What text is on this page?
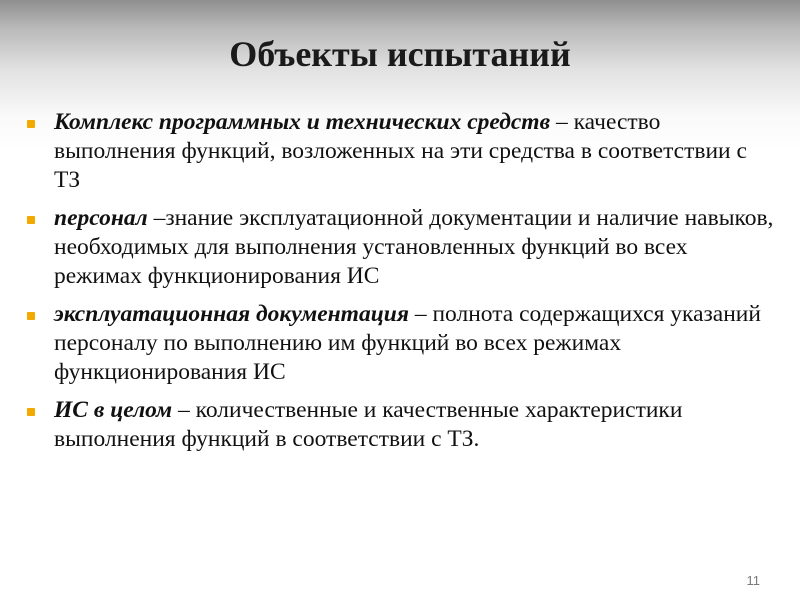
Объекты испытаний
Комплекс программных и технических средств – качество выполнения функций, возложенных на эти средства в соответствии с ТЗ
персонал –знание эксплуатационной документации и наличие навыков, необходимых для выполнения установленных функций во всех режимах функционирования ИС
эксплуатационная документация – полнота содержащихся указаний персоналу по выполнению им функций во всех режимах функционирования ИС
ИС в целом – количественные и качественные характеристики выполнения функций в соответствии с ТЗ.
11
